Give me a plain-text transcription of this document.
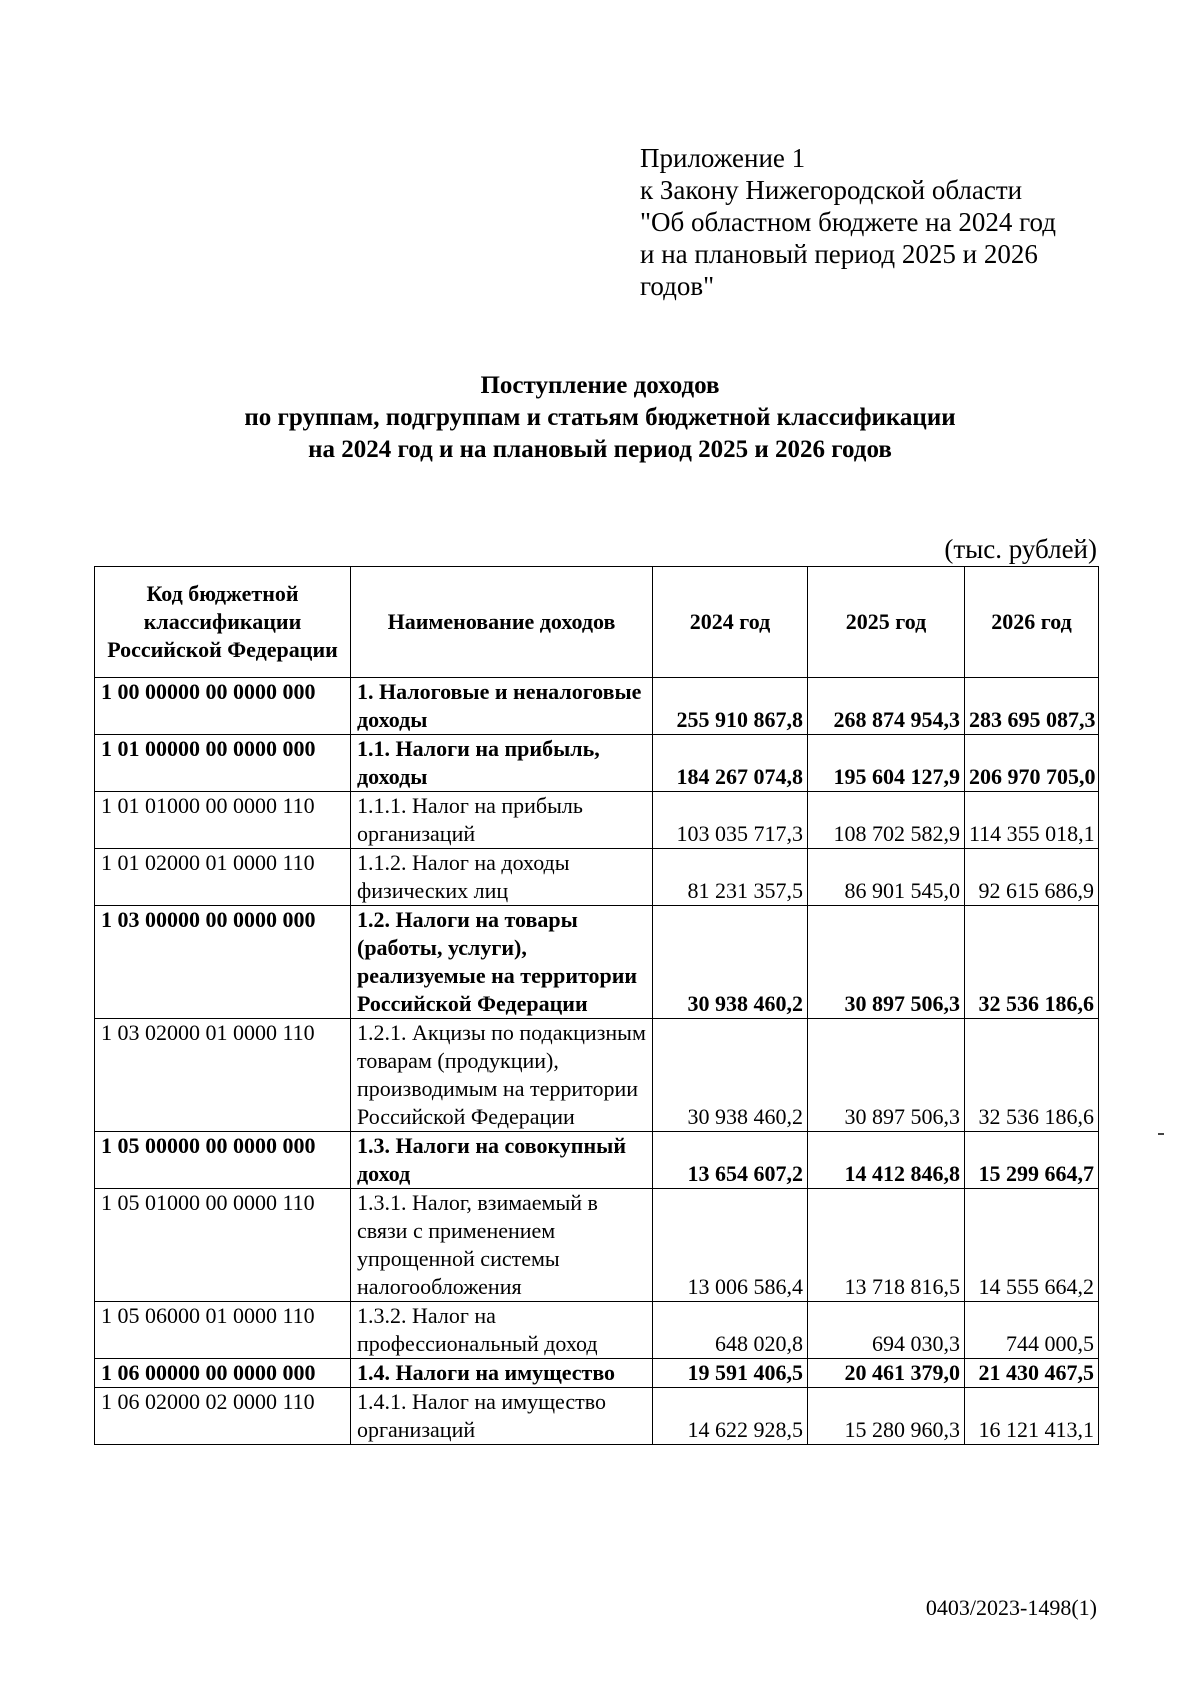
Приложение 1
к Закону Нижегородской области
"Об областном бюджете на 2024 год
и на плановый период 2025 и 2026
годов"
Поступление доходов
по группам, подгруппам и статьям бюджетной классификации
на 2024 год и на плановый период 2025 и 2026 годов
(тыс. рублей)
Код бюджетной классификации Российской Федерации	Наименование доходов	2024 год	2025 год	2026 год
1 00 00000 00 0000 000	1. Налоговые и неналоговые доходы	255 910 867,8	268 874 954,3	283 695 087,3
1 01 00000 00 0000 000	1.1. Налоги на прибыль, доходы	184 267 074,8	195 604 127,9	206 970 705,0
1 01 01000 00 0000 110	1.1.1. Налог на прибыль организаций	103 035 717,3	108 702 582,9	114 355 018,1
1 01 02000 01 0000 110	1.1.2. Налог на доходы физических лиц	81 231 357,5	86 901 545,0	92 615 686,9
1 03 00000 00 0000 000	1.2. Налоги на товары (работы, услуги), реализуемые на территории Российской Федерации	30 938 460,2	30 897 506,3	32 536 186,6
1 03 02000 01 0000 110	1.2.1. Акцизы по подакцизным товарам (продукции), производимым на территории Российской Федерации	30 938 460,2	30 897 506,3	32 536 186,6
1 05 00000 00 0000 000	1.3. Налоги на совокупный доход	13 654 607,2	14 412 846,8	15 299 664,7
1 05 01000 00 0000 110	1.3.1. Налог, взимаемый в связи с применением упрощенной системы налогообложения	13 006 586,4	13 718 816,5	14 555 664,2
1 05 06000 01 0000 110	1.3.2. Налог на профессиональный доход	648 020,8	694 030,3	744 000,5
1 06 00000 00 0000 000	1.4. Налоги на имущество	19 591 406,5	20 461 379,0	21 430 467,5
1 06 02000 02 0000 110	1.4.1. Налог на имущество организаций	14 622 928,5	15 280 960,3	16 121 413,1
0403/2023-1498(1)
